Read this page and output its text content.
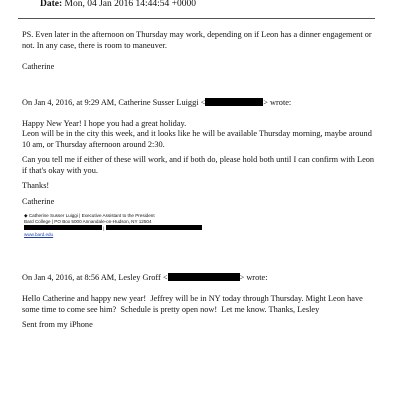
Date: Mon, 04 Jan 2016 14:44:54 +0000
PS. Even later in the afternoon on Thursday may work, depending on if Leon has a dinner engagement or not. In any case, there is room to maneuver.
Catherine
On Jan 4, 2016, at 9:29 AM, Catherine Susser Luiggi <	> wrote:
Happy New Year! I hope you had a great holiday.
Leon will be in the city this week, and it looks like he will be available Thursday morning, maybe around 10 am, or Thursday afternoon around 2:30.
Can you tell me if either of these will work, and if both do, please hold both until I can confirm with Leon if that's okay with you.
Thanks!
Catherine
◆ Catherine Susser Luiggi | Executive Assistant to the President
Bard College | PO Box 5000 Annandale-on-Hudson, NY 12504
|
www.bard.edu
On Jan 4, 2016, at 8:56 AM, Lesley Groff <	> wrote:
Hello Catherine and happy new year!  Jeffrey will be in NY today through Thursday. Might Leon have some time to come see him?  Schedule is pretty open now!  Let me know. Thanks, Lesley
Sent from my iPhone
